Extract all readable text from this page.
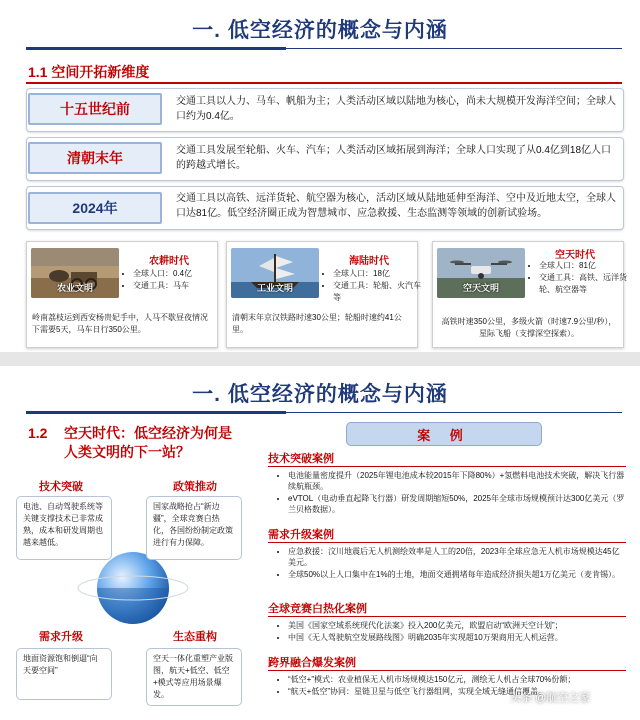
一. 低空经济的概念与内涵
1.1 空间开拓新维度
十五世纪前	交通工具以人力、马车、帆船为主；人类活动区域以陆地为核心，尚未大规模开发海洋空间；全球人口约为0.4亿。
清朝末年	交通工具发展至轮船、火车、汽车；人类活动区域拓展到海洋；全球人口实现了从0.4亿到18亿人口的跨越式增长。
2024年
交通工具以高铁、远洋货轮、航空器为核心，活动区域从陆地延伸至海洋、空中及近地太空，全球人口达81亿。低空经济圈正成为智慧城市、应急救援、生态监测等领域的创新试验场。
农业文明
农耕时代
• 全球人口：0.4亿
• 交通工具：马车
岭南荔枝运到西安杨贵妃手中，人马不歇昼夜情况下需要5天，马车日行350公里。
工业文明
海陆时代
• 全球人口：18亿
• 交通工具：轮船、火汽车等
清朝末年京汉铁路时速30公里；轮船时速约41公里。
空天文明
空天时代
• 全球人口：81亿
• 交通工具：高铁、远洋货轮、航空器等
高铁时速350公里，多级火箭（时速7.9公里/秒），星际飞船（支撑深空探索）。
一. 低空经济的概念与内涵
1.2 空天时代：低空经济为何是人类文明的下一站？
技术突破
电池、自动驾驶系统等关键支撑技术已非常成熟，成本和研发周期也越来越低。
政策推动
国家战略抢占“新边疆”，全球竞赛白热化，各国纷纷制定政策进行有力保障。
需求升级
地面资源饱和倒逼“向天要空间”
生态重构
空天一体化重塑产业版图，航天+低空、低空+模式等应用场景爆发。
案 例
技术突破案例
• 电池能量密度提升（2025年锂电池成本较2015年下降80%）+氢燃料电池技术突破，解决飞行器续航瓶颈。
• eVTOL（电动垂直起降飞行器）研发周期缩短50%，2025年全球市场规模预计达300亿美元（罗兰贝格数据）。
需求升级案例
• 应急救援：汶川地震后无人机测绘效率是人工的20倍，2023年全球应急无人机市场规模达45亿美元。
• 全球50%以上人口集中在1%的土地，地面交通拥堵每年造成经济损失超1万亿美元（麦肯锡）。
全球竞赛白热化案例
• 美国《国家空域系统现代化法案》投入200亿美元，欧盟启动“欧洲天空计划”；
• 中国《无人驾驶航空发展路线图》明确2035年实现超10万架商用无人机运营。
跨界融合爆发案例
• “低空+”模式：农业植保无人机市场规模达150亿元，测绘无人机占全球70%份额；
• “航天+低空”协同：星链卫星与低空飞行器组网，实现全域无缝通信覆盖。
头条 @航空之家
